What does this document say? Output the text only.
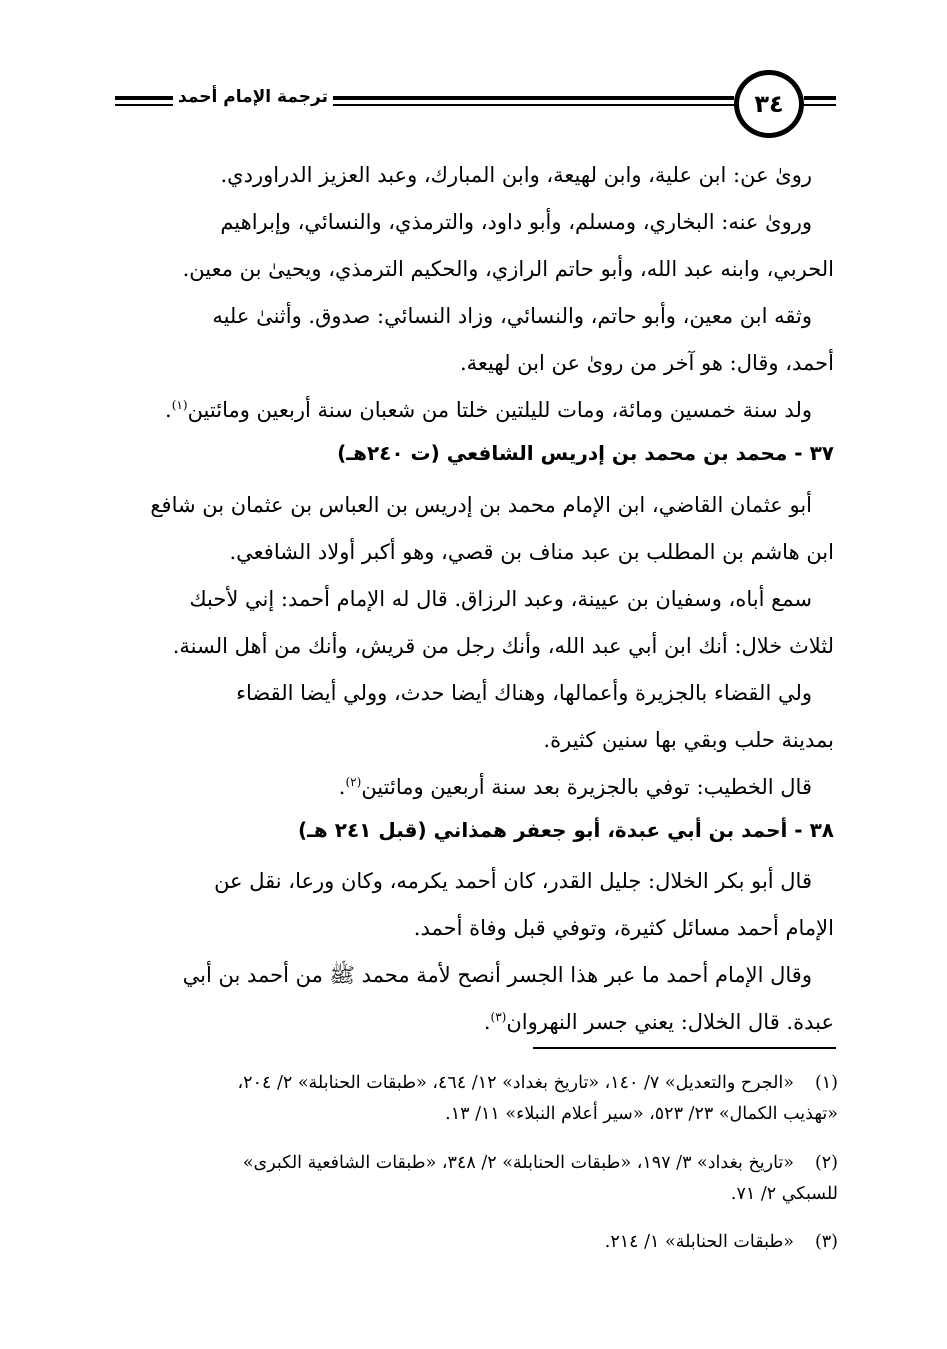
ترجمة الإمام أحمد	٣٤
رویٰ عن: ابن علية، وابن لهيعة، وابن المبارك، وعبد العزيز الدراوردي.
وروىٰ عنه: البخاري، ومسلم، وأبو داود، والترمذي، والنسائي، وإبراهيم
الحربي، وابنه عبد الله، وأبو حاتم الرازي، والحكيم الترمذي، ويحيىٰ بن معين.
وثقه ابن معين، وأبو حاتم، والنسائي، وزاد النسائي: صدوق. وأثنىٰ عليه
أحمد، وقال: هو آخر من روىٰ عن ابن لهيعة.
ولد سنة خمسين ومائة، ومات لليلتين خلتا من شعبان سنة أربعين ومائتين$^{(١)}$.
٣٧ - محمد بن محمد بن إدريس الشافعي (ت ٢٤٠هـ)
أبو عثمان القاضي، ابن الإمام محمد بن إدريس بن العباس بن عثمان بن شافع
ابن هاشم بن المطلب بن عبد مناف بن قصي، وهو أكبر أولاد الشافعي.
سمع أباه، وسفيان بن عيينة، وعبد الرزاق. قال له الإمام أحمد: إني لأحبك
لثلاث خلال: أنك ابن أبي عبد الله، وأنك رجل من قريش، وأنك من أهل السنة.
ولي القضاء بالجزيرة وأعمالها، وهناك أيضا حدث، وولي أيضا القضاء
بمدينة حلب وبقي بها سنين كثيرة.
قال الخطيب: توفي بالجزيرة بعد سنة أربعين ومائتين$^{(٢)}$.
٣٨ - أحمد بن أبي عبدة، أبو جعفر همذاني (قبل ٢٤١ هـ)
قال أبو بكر الخلال: جليل القدر، كان أحمد يكرمه، وكان ورعا، نقل عن
الإمام أحمد مسائل كثيرة، وتوفي قبل وفاة أحمد.
وقال الإمام أحمد ما عبر هذا الجسر أنصح لأمة محمد ﷺ من أحمد بن أبي
عبدة. قال الخلال: يعني جسر النهروان$^{(٣)}$.
(١)«الجرح والتعديل» ٧/ ١٤٠، «تاريخ بغداد» ١٢/ ٤٦٤، «طبقات الحنابلة» ٢/ ٢٠٤،
«تهذيب الكمال» ٢٣/ ٥٢٣، «سير أعلام النبلاء» ١١/ ١٣.
(٢)«تاريخ بغداد» ٣/ ١٩٧، «طبقات الحنابلة» ٢/ ٣٤٨، «طبقات الشافعية الكبرى»
للسبكي ٢/ ٧١.
(٣)«طبقات الحنابلة» ١/ ٢١٤.
